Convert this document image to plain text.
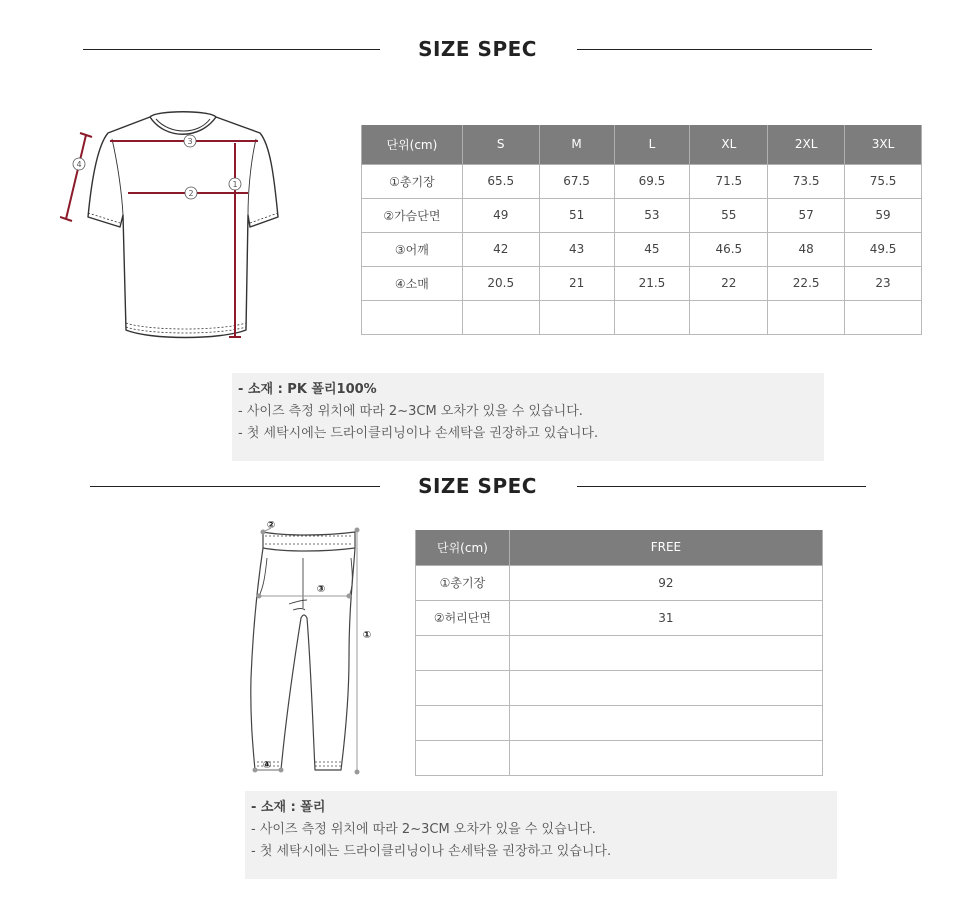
SIZE SPEC
3
2
1
4
단위(cm)	S	M	L	XL	2XL	3XL
①총기장	65.5	67.5	69.5	71.5	73.5	75.5
②가슴단면	49	51	53	55	57	59
③어깨	42	43	45	46.5	48	49.5
④소매	20.5	21	21.5	22	22.5	23

- 소재 : PK 폴리100%
- 사이즈 측정 위치에 따라 2~3CM 오차가 있을 수 있습니다.
- 첫 세탁시에는 드라이클리닝이나 손세탁을 권장하고 있습니다.
SIZE SPEC
②
③
①
④
단위(cm)	FREE
①총기장	92
②허리단면	31

- 소재 : 폴리
- 사이즈 측정 위치에 따라 2~3CM 오차가 있을 수 있습니다.
- 첫 세탁시에는 드라이클리닝이나 손세탁을 권장하고 있습니다.
